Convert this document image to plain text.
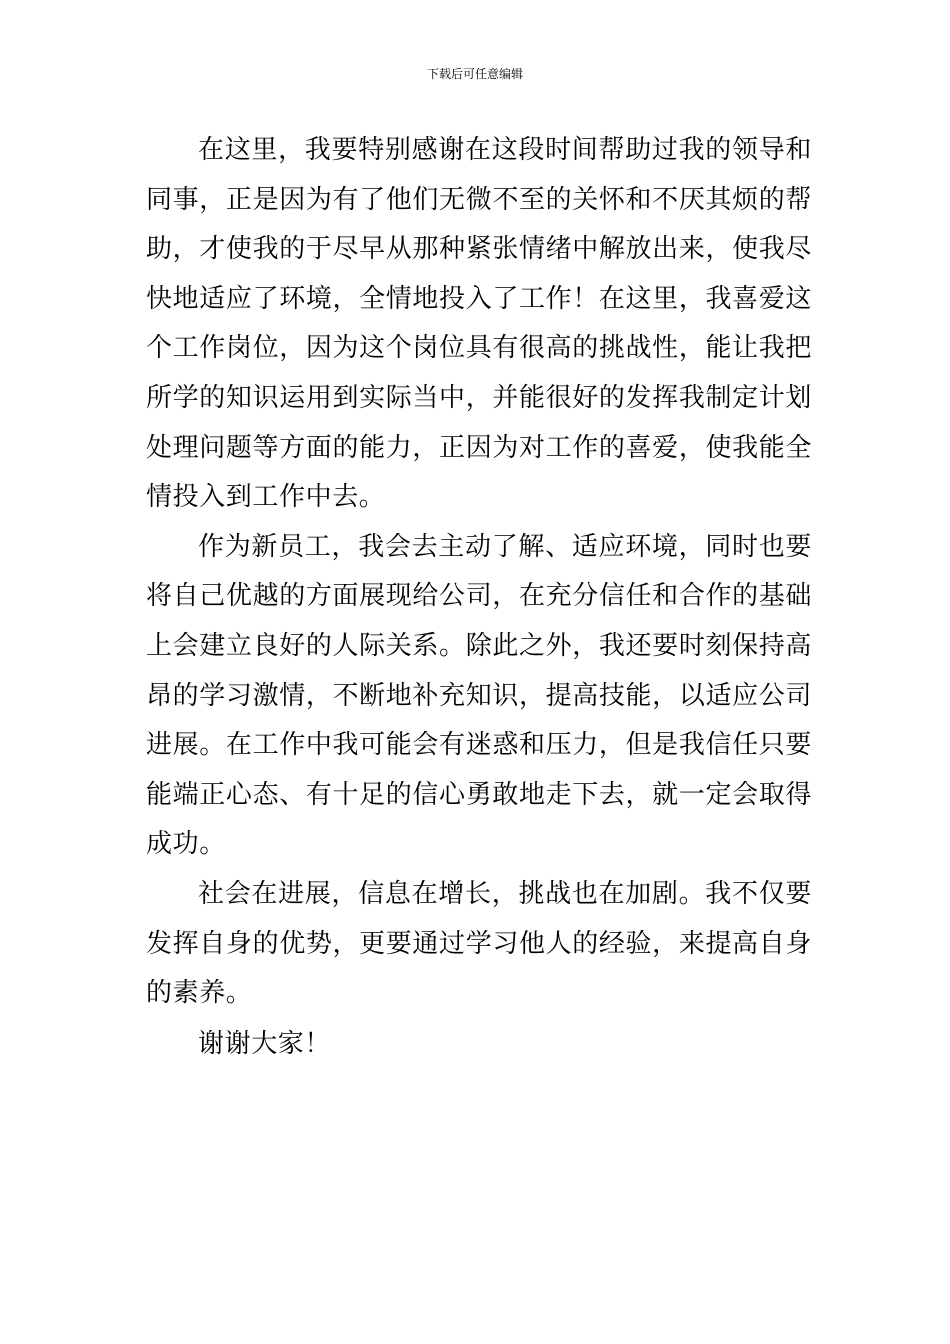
下载后可任意编辑

在这里，我要特别感谢在这段时间帮助过我的领导和同事，正是因为有了他们无微不至的关怀和不厌其烦的帮助，才使我的于尽早从那种紧张情绪中解放出来，使我尽快地适应了环境，全情地投入了工作！在这里，我喜爱这个工作岗位，因为这个岗位具有很高的挑战性，能让我把所学的知识运用到实际当中，并能很好的发挥我制定计划处理问题等方面的能力，正因为对工作的喜爱，使我能全情投入到工作中去。

作为新员工，我会去主动了解、适应环境，同时也要将自己优越的方面展现给公司，在充分信任和合作的基础上会建立良好的人际关系。除此之外，我还要时刻保持高昂的学习激情，不断地补充知识，提高技能，以适应公司进展。在工作中我可能会有迷惑和压力，但是我信任只要能端正心态、有十足的信心勇敢地走下去，就一定会取得成功。

社会在进展，信息在增长，挑战也在加剧。我不仅要发挥自身的优势，更要通过学习他人的经验，来提高自身的素养。

谢谢大家！
